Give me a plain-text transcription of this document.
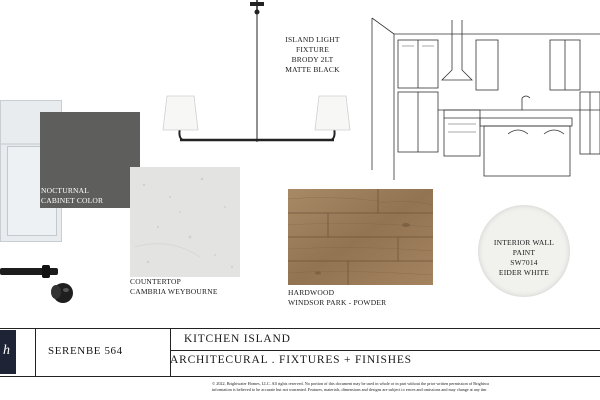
NOCTURNAL
CABINET COLOR
COUNTERTOP
CAMBRIA WEYBOURNE	HARDWOOD
WINDSOR PARK - POWDER
INTERIOR WALL
PAINT
SW7014
EIDER WHITE
ISLAND LIGHT
FIXTURE
BRODY 2LT
MATTE BLACK
h	SERENBE 564
KITCHEN ISLAND
ARCHITECURAL . FIXTURES + FINISHES
© 2022, Brightwater Homes, LLC. All rights reserved. No portion of this document may be used in whole or in part without the prior written permission of Brightwa
information is believed to be accurate but not warranted. Features, materials, dimensions and designs are subject to errors and omissions and may change at any tim
